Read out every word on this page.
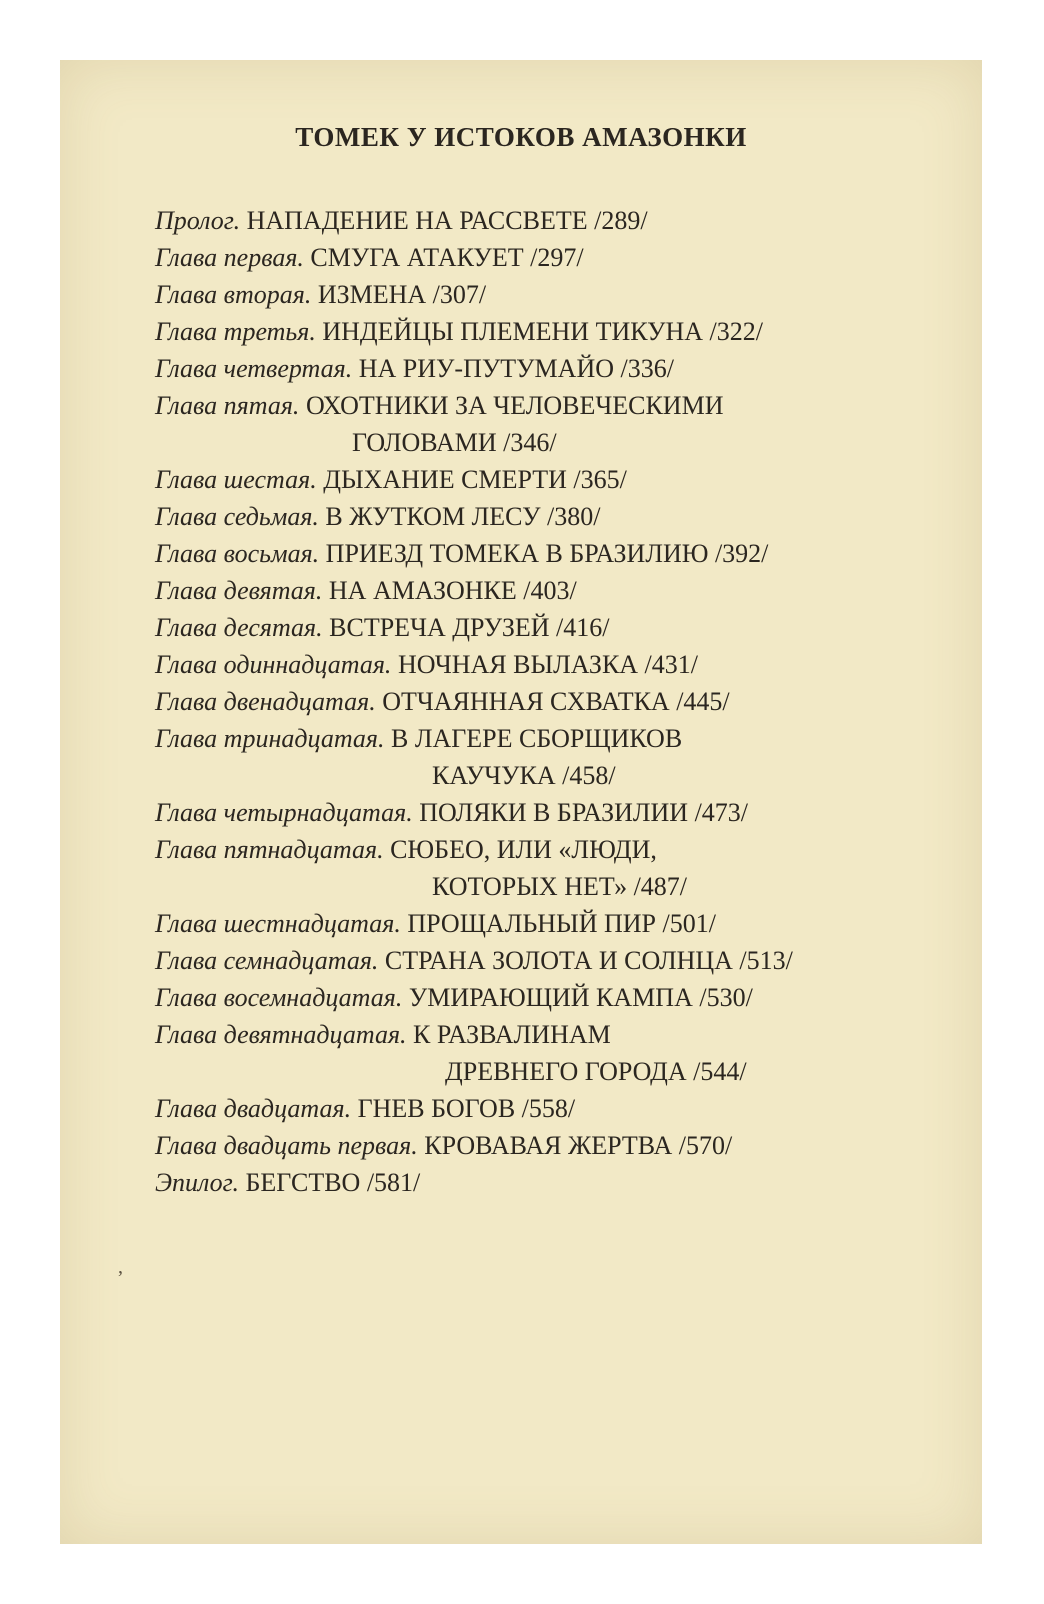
ТОМЕК У ИСТОКОВ АМАЗОНКИ
Пролог. НАПАДЕНИЕ НА РАССВЕТЕ /289/
Глава первая. СМУГА АТАКУЕТ /297/
Глава вторая. ИЗМЕНА /307/
Глава третья. ИНДЕЙЦЫ ПЛЕМЕНИ ТИКУНА /322/
Глава четвертая. НА РИУ-ПУТУМАЙО /336/
Глава пятая. ОХОТНИКИ ЗА ЧЕЛОВЕЧЕСКИМИ
ГОЛОВАМИ /346/
Глава шестая. ДЫХАНИЕ СМЕРТИ /365/
Глава седьмая. В ЖУТКОМ ЛЕСУ /380/
Глава восьмая. ПРИЕЗД ТОМЕКА В БРАЗИЛИЮ /392/
Глава девятая. НА АМАЗОНКЕ /403/
Глава десятая. ВСТРЕЧА ДРУЗЕЙ /416/
Глава одиннадцатая. НОЧНАЯ ВЫЛАЗКА /431/
Глава двенадцатая. ОТЧАЯННАЯ СХВАТКА /445/
Глава тринадцатая. В ЛАГЕРЕ СБОРЩИКОВ
КАУЧУКА /458/
Глава четырнадцатая. ПОЛЯКИ В БРАЗИЛИИ /473/
Глава пятнадцатая. СЮБЕО, ИЛИ «ЛЮДИ,
КОТОРЫХ НЕТ» /487/
Глава шестнадцатая. ПРОЩАЛЬНЫЙ ПИР /501/
Глава семнадцатая. СТРАНА ЗОЛОТА И СОЛНЦА /513/
Глава восемнадцатая. УМИРАЮЩИЙ КАМПА /530/
Глава девятнадцатая. К РАЗВАЛИНАМ
ДРЕВНЕГО ГОРОДА /544/
Глава двадцатая. ГНЕВ БОГОВ /558/
Глава двадцать первая. КРОВАВАЯ ЖЕРТВА /570/
Эпилог. БЕГСТВО /581/
,
